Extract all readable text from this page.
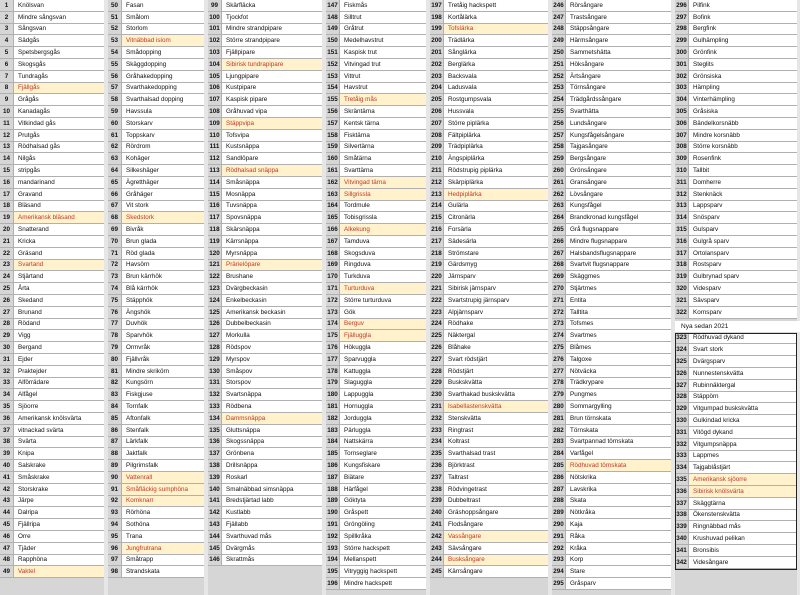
1	Knölsvan
2	Mindre sångsvan
3	Sångsvan
4	Sädgås
5	Spetsbergsgås
6	Skogsgås
7	Tundragås
8	Fjällgås
9	Grågås
10	Kanadagås
11	Vitkindad gås
12	Prutgås
13	Rödhalsad gås
14	Nilgås
15	stripgås
16	mandarinand
17	Gravand
18	Bläsand
19	Amerikansk bläsand
20	Snatterand
21	Kricka
22	Gräsand
23	Svartand
24	Stjärtand
25	Årta
26	Skedand
27	Brunand
28	Rödand
29	Vigg
30	Bergand
31	Ejder
32	Praktejder
33	Alförrädare
34	Alfågel
35	Sjöorre
36	Amerikansk knölsvärta
37	vitnackad svärta
38	Svärta
39	Knipa
40	Salskrake
41	Småskrake
42	Storskrake
43	Järpe
44	Dalripa
45	Fjällripa
46	Orre
47	Tjäder
48	Rapphöna
49	Vaktel
50	Fasan
51	Smålom
52	Storlom
53	Vitnäbbad islom
54	Smådopping
55	Skäggdopping
56	Gråhakedopping
57	Svarthakedopping
58	Svarthalsad dopping
59	Havssula
60	Storskarv
61	Toppskarv
62	Rördrom
63	Kohäger
64	Silkeshäger
65	Ägretthäger
66	Gråhäger
67	Vit stork
68	Skedstork
69	Bivråk
70	Brun glada
71	Röd glada
72	Havsörn
73	Brun kärrhök
74	Blå kärrhök
75	Stäpphök
76	Ängshök
77	Duvhök
78	Sparvhök
79	Ormvråk
80	Fjällvråk
81	Mindre skrikörn
82	Kungsörn
83	Fiskgjuse
84	Tornfalk
85	Aftonfalk
86	Stenfalk
87	Lärkfalk
88	Jaktfalk
89	Pilgrimsfalk
90	Vattenrall
91	Småfläckig sumphöna
92	Kornknarr
93	Rörhöna
94	Sothöna
95	Trana
96	Jungfrutrana
97	Småtrapp
98	Strandskata
99	Skärfläcka
100 Tjockfot
101 Mindre strandpipare
102 Större strandpipare
103 Fjällpipare
104 Sibirisk tundrapipare
105 Ljungpipare
106 Kustpipare
107 Kaspisk pipare
108 Gråhuvad vipa
109 Stäppvipa
110	Tofsvipa
111	Kustsnäppa
112	Sandlöpare
113	Rödhalsad snäppa
114	Småsnäppa
115	Mosnäppa
116	Tuvsnäppa
117	Spovsnäppa
118	Skärsnäppa
119	Kärrsnäppa
120 Myrsnäppa
121 Prärielöpare
122 Brushane
123 Dvärgbeckasin
124 Enkelbeckasin
125 Amerikansk beckasin
126 Dubbelbeckasin
127 Morkulla
128 Rödspov
129 Myrspov
130 Småspov
131 Storspov
132 Svartsnäppa
133 Rödbena
134 Dammsnäppa
135 Gluttsnäppa
136 Skogssnäppa
137 Grönbena
138 Drillsnäppa
139 Roskarl
140 Smalnäbbad simsnäppa
141 Bredstjärtad labb
142 Kustlabb
143 Fjällabb
144 Svarthuvad mås
145 Dvärgmås
146 Skrattmås
147 Fiskmås
148 Silltrut
149 Gråtrut
150 Medelhavstrut
151 Kaspisk trut
152 Vitvingad trut
153 Vittrut
154 Havstrut
155 Tretåig mås
156 Skräntärna
157 Kentsk tärna
158 Fisktärna
159 Silvertärna
160 Småtärna
161 Svarttärna
162 Vitvingad tärna
163 Sillgrissla
164 Tordmule
165 Tobisgrissla
166 Alkekung
167 Tamduva
168 Skogsduva
169 Ringduva
170 Turkduva
171 Turturduva
172 Större turturduva
173 Gök
174 Berguv
175 Fjälluggla
176 Hökuggla
177 Sparvuggla
178 Kattuggla
179 Slaguggla
180 Lappuggla
181 Hornuggla
182 Jorduggla
183 Pärluggla
184 Nattskärra
185 Tornseglare
186 Kungsfiskare
187 Biätare
188 Härfågel
189 Göktyta
190 Gråspett
191 Gröngöling
192 Spillkråka
193 Större hackspett
194 Mellanspett
195 Vitryggig hackspett
196 Mindre hackspett
197 Tretåig hackspett
198 Kortålärka
199 Tofslärka
200 Trädlärka
201 Sånglärka
202 Berglärka
203 Backsvala
204 Ladusvala
205 Rostgumpsvala
206 Hussvala
207 Större piplärka
208 Fältpiplärka
209 Trädpiplärka
210 Ängspiplärka
211	Rödstrupig piplärka
212 Skärpiplärka
213 Hedpiplärka
214 Gulärla
215 Citronärla
216 Forsärla
217 Sädesärla
218 Strömstare
219 Gärdsmyg
220 Järnsparv
221 Sibirisk järnsparv
222 Svartstrupig järnsparv
223 Alpjärnsparv
224 Rödhake
225 Näktergal
226 Blåhake
227 Svart rödstjärt
228 Rödstjärt
229 Buskskvätta
230 Svarthakad buskskvätta
231 Isabellastenskvätta
232 Stenskvätta
233 Ringtrast
234 Koltrast
235 Svarthalsad trast
236 Björktrast
237 Taltrast
238 Rödvingetrast
239 Dubbeltrast
240 Gräshoppsångare
241 Flodsångare
242 Vassångare
243 Sävsångare
244 Busksångare
245 Kärrsångare
246 Rörsångare
247 Trastsångare
248 Stäppsångare
249 Härmsångare
250 Sammetshätta
251 Höksångare
252 Ärtsångare
253 Törnsångare
254 Trädgårdssångare
255 Svarthätta
256 Lundsångare
257 Kungsfågelsångare
258 Tajgasångare
259 Bergsångare
260 Grönsångare
261 Gransångare
262 Lövsångare
263 Kungsfågel
264 Brandkronad kungsfågel
265 Grå flugsnappare
266 Mindre flugsnappare
267 Halsbandsflugsnappare
268 Svartvit flugsnappare
269 Skäggmes
270 Stjärtmes
271 Entita
272 Talltita
273 Tofsmes
274 Svartmes
275 Blåmes
276 Talgoxe
277 Nötväcka
278 Trädkrypare
279 Pungmes
280 Sommargylling
281 Brun törnskata
282 Törnskata
283 Svartpannad törnskata
284 Varfågel
285 Rödhuvad törnskata
286 Nötskrika
287 Lavskrika
288 Skata
289 Nötkråka
290 Kaja
291 Råka
292 Kråka
293 Korp
294 Stare
295 Gråsparv
296 Pilfink
297 Bofink
298 Bergfink
299 Gulhämpling
300 Grönfink
301 Steglits
302 Grönsiska
303 Hämpling
304 Vinterhämpling
305 Gråsiska
306 Bändelkorsnäbb
307 Mindre korsnäbb
308 Större korsnäbb
309 Rosenfink
310 Tallbit
311	Domherre
312 Stenknäck
313 Lappsparv
314 Snösparv
315 Gulsparv
316 Gulgrå sparv
317 Ortolansparv
318 Rostsparv
319 Gulbrynad sparv
320 Videsparv
321 Sävsparv
322 Kornsparv
Nya sedan 2021
323 Rödhuvad dykand
324 Svart stork
325 Dvärgsparv
326 Nunnestenskvätta
327 Rubinnäktergal
328 Stäppörn
329 Vitgumpad buskskvätta
330 Gulkindad kricka
331 Vitögd dykand
332 Vitgumpsnäppa
333 Lappmes
334 Tajgablåstjärt
335 Amerikansk sjöorre
336 Sibirisk knölsvärta
337 Skäggtärna
338 Ökenstenskvätta
339 Ringnäbbad mås
340 Krushuvad pelikan
341 Bronsibis
342 Videsångare
